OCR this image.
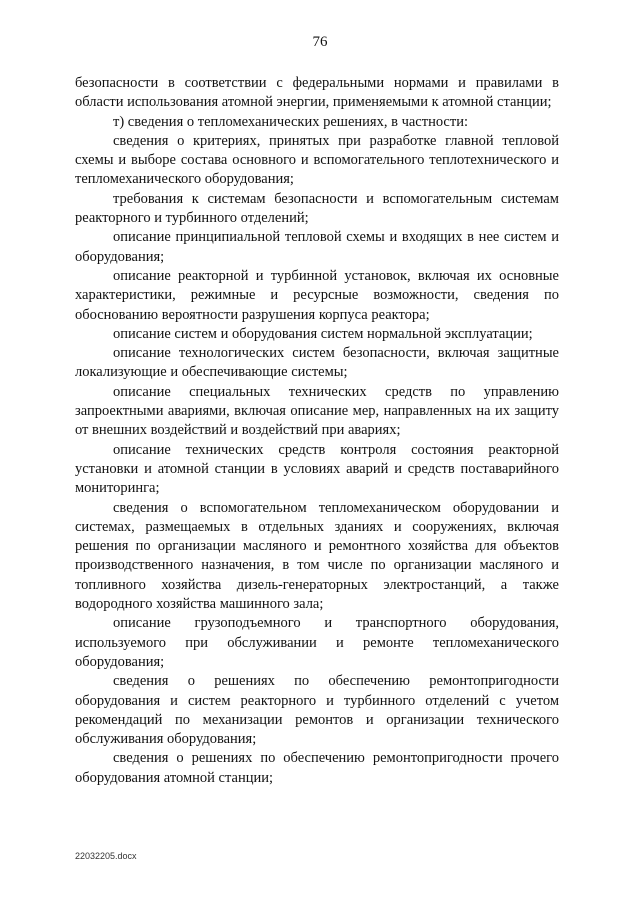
76

безопасности в соответствии с федеральными нормами и правилами в области использования атомной энергии, применяемыми к атомной станции;

т) сведения о тепломеханических решениях, в частности:

сведения о критериях, принятых при разработке главной тепловой схемы и выборе состава основного и вспомогательного теплотехнического и тепломеханического оборудования;

требования к системам безопасности и вспомогательным системам реакторного и турбинного отделений;

описание принципиальной тепловой схемы и входящих в нее систем и оборудования;

описание реакторной и турбинной установок, включая их основные характеристики, режимные и ресурсные возможности, сведения по обоснованию вероятности разрушения корпуса реактора;

описание систем и оборудования систем нормальной эксплуатации;

описание технологических систем безопасности, включая защитные локализующие и обеспечивающие системы;

описание специальных технических средств по управлению запроектными авариями, включая описание мер, направленных на их защиту от внешних воздействий и воздействий при авариях;

описание технических средств контроля состояния реакторной установки и атомной станции в условиях аварий и средств поставарийного мониторинга;

сведения о вспомогательном тепломеханическом оборудовании и системах, размещаемых в отдельных зданиях и сооружениях, включая решения по организации масляного и ремонтного хозяйства для объектов производственного назначения, в том числе по организации масляного и топливного хозяйства дизель-генераторных электростанций, а также водородного хозяйства машинного зала;

описание грузоподъемного и транспортного оборудования, используемого при обслуживании и ремонте тепломеханического оборудования;

сведения о решениях по обеспечению ремонтопригодности оборудования и систем реакторного и турбинного отделений с учетом рекомендаций по механизации ремонтов и организации технического обслуживания оборудования;

сведения о решениях по обеспечению ремонтопригодности прочего оборудования атомной станции;

22032205.docx
